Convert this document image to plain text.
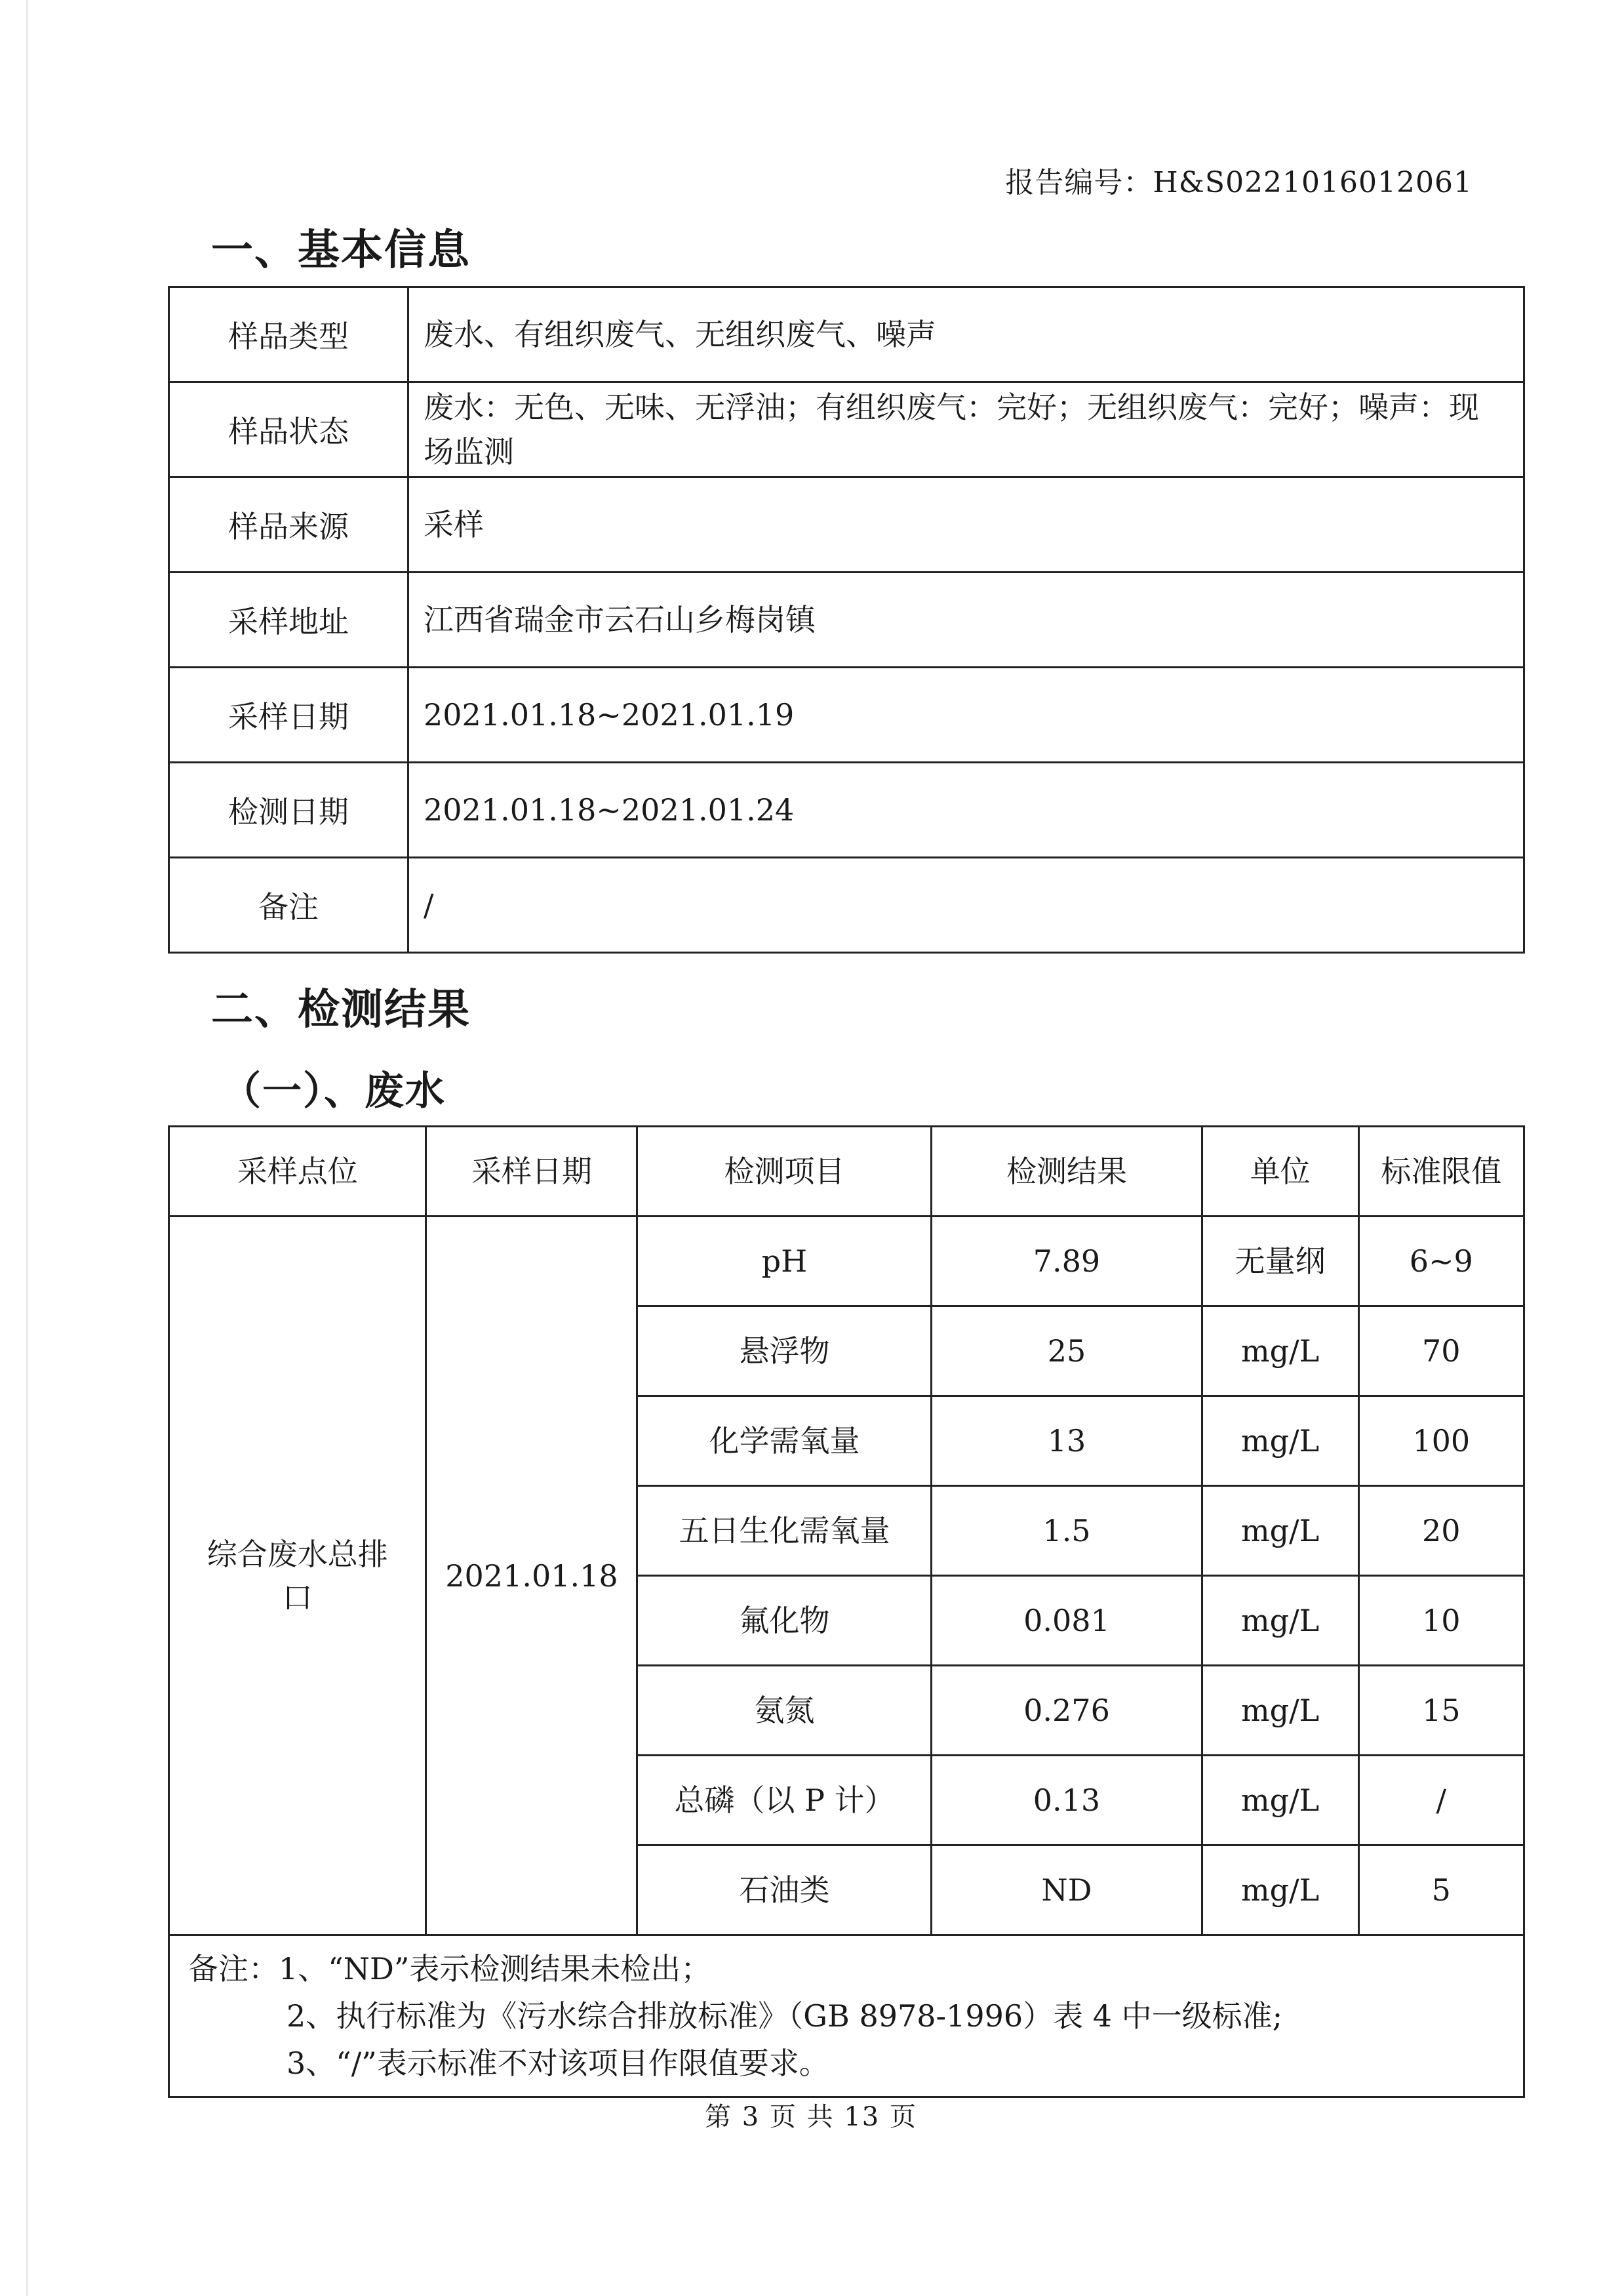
报告编号：H&S0221016012061
一、基本信息
样品类型	废水、有组织废气、无组织废气、噪声
样品状态	废水：无色、无味、无浮油；有组织废气：完好；无组织废气：完好；噪声：现场监测
样品来源	采样
采样地址	江西省瑞金市云石山乡梅岗镇
采样日期	2021.01.18~2021.01.19
检测日期	2021.01.18~2021.01.24
备注	/
二、检测结果
（一）、废水
采样点位	采样日期	检测项目	检测结果	单位	标准限值
综合废水总排口	2021.01.18	pH	7.89	无量纲	6~9
		悬浮物	25	mg/L	70
		化学需氧量	13	mg/L	100
		五日生化需氧量	1.5	mg/L	20
		氟化物	0.081	mg/L	10
		氨氮	0.276	mg/L	15
		总磷（以 P 计）	0.13	mg/L	/
		石油类	ND	mg/L	5

备注：1、“ND”表示检测结果未检出；
2、执行标准为《污水综合排放标准》（GB 8978-1996）表 4 中一级标准;
3、“/”表示标准不对该项目作限值要求。					
第 3 页 共 13 页
